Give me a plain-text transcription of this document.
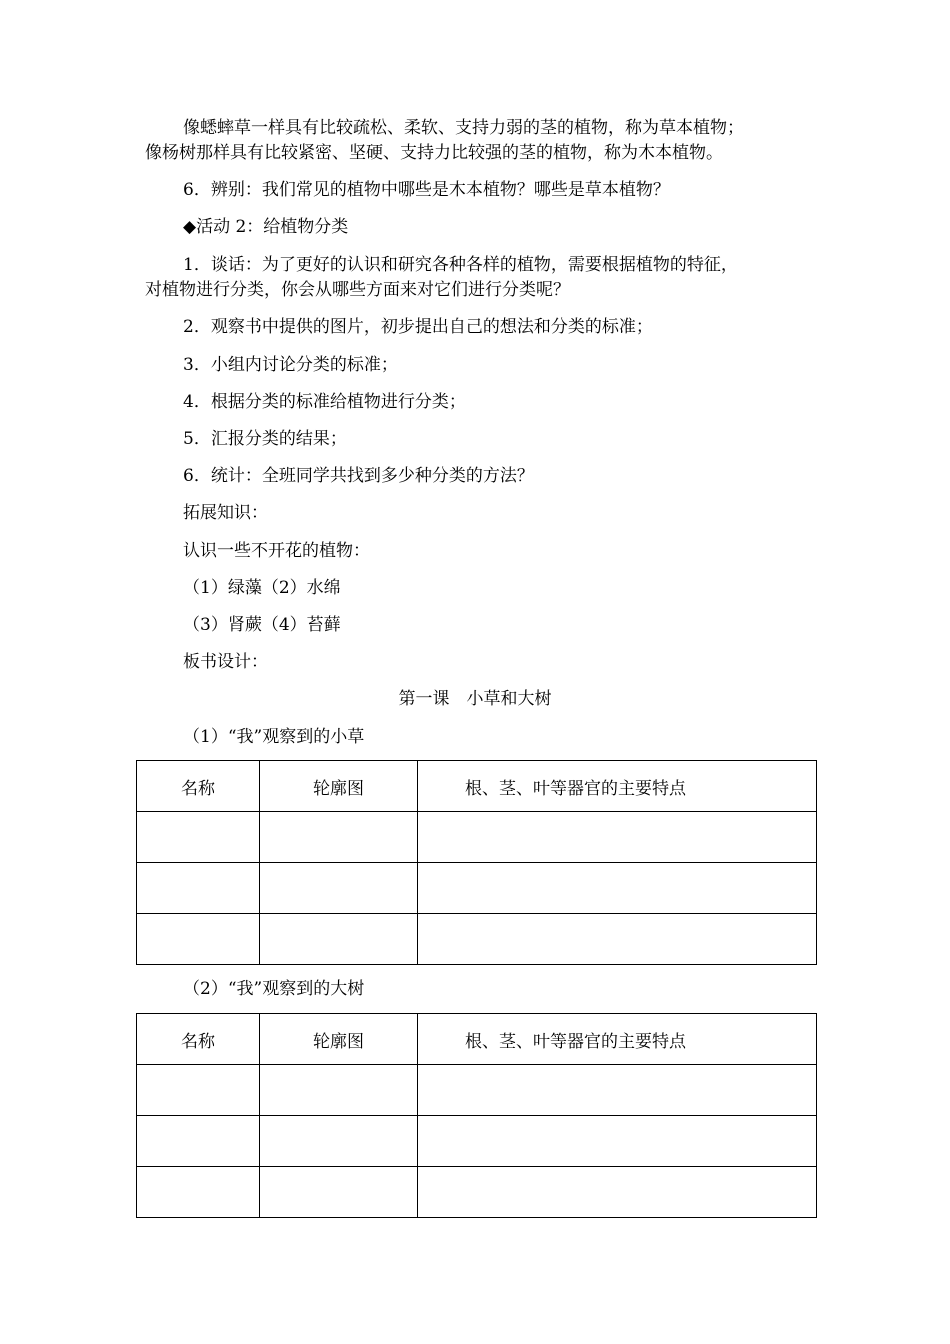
像蟋蟀草一样具有比较疏松、柔软、支持力弱的茎的植物，称为草本植物；
像杨树那样具有比较紧密、坚硬、支持力比较强的茎的植物，称为木本植物。
6．辨别：我们常见的植物中哪些是木本植物？哪些是草本植物？
◆活动 2：给植物分类
1．谈话：为了更好的认识和研究各种各样的植物，需要根据植物的特征，
对植物进行分类，你会从哪些方面来对它们进行分类呢？
2．观察书中提供的图片，初步提出自己的想法和分类的标准；
3．小组内讨论分类的标准；
4．根据分类的标准给植物进行分类；
5．汇报分类的结果；
6．统计：全班同学共找到多少种分类的方法？
拓展知识：
认识一些不开花的植物：
（1）绿藻（2）水绵
（3）肾蕨（4）苔藓
板书设计：
第一课　小草和大树
（1）“我”观察到的小草
名称	轮廓图	根、茎、叶等器官的主要特点

（2）“我”观察到的大树
名称	轮廓图	根、茎、叶等器官的主要特点
